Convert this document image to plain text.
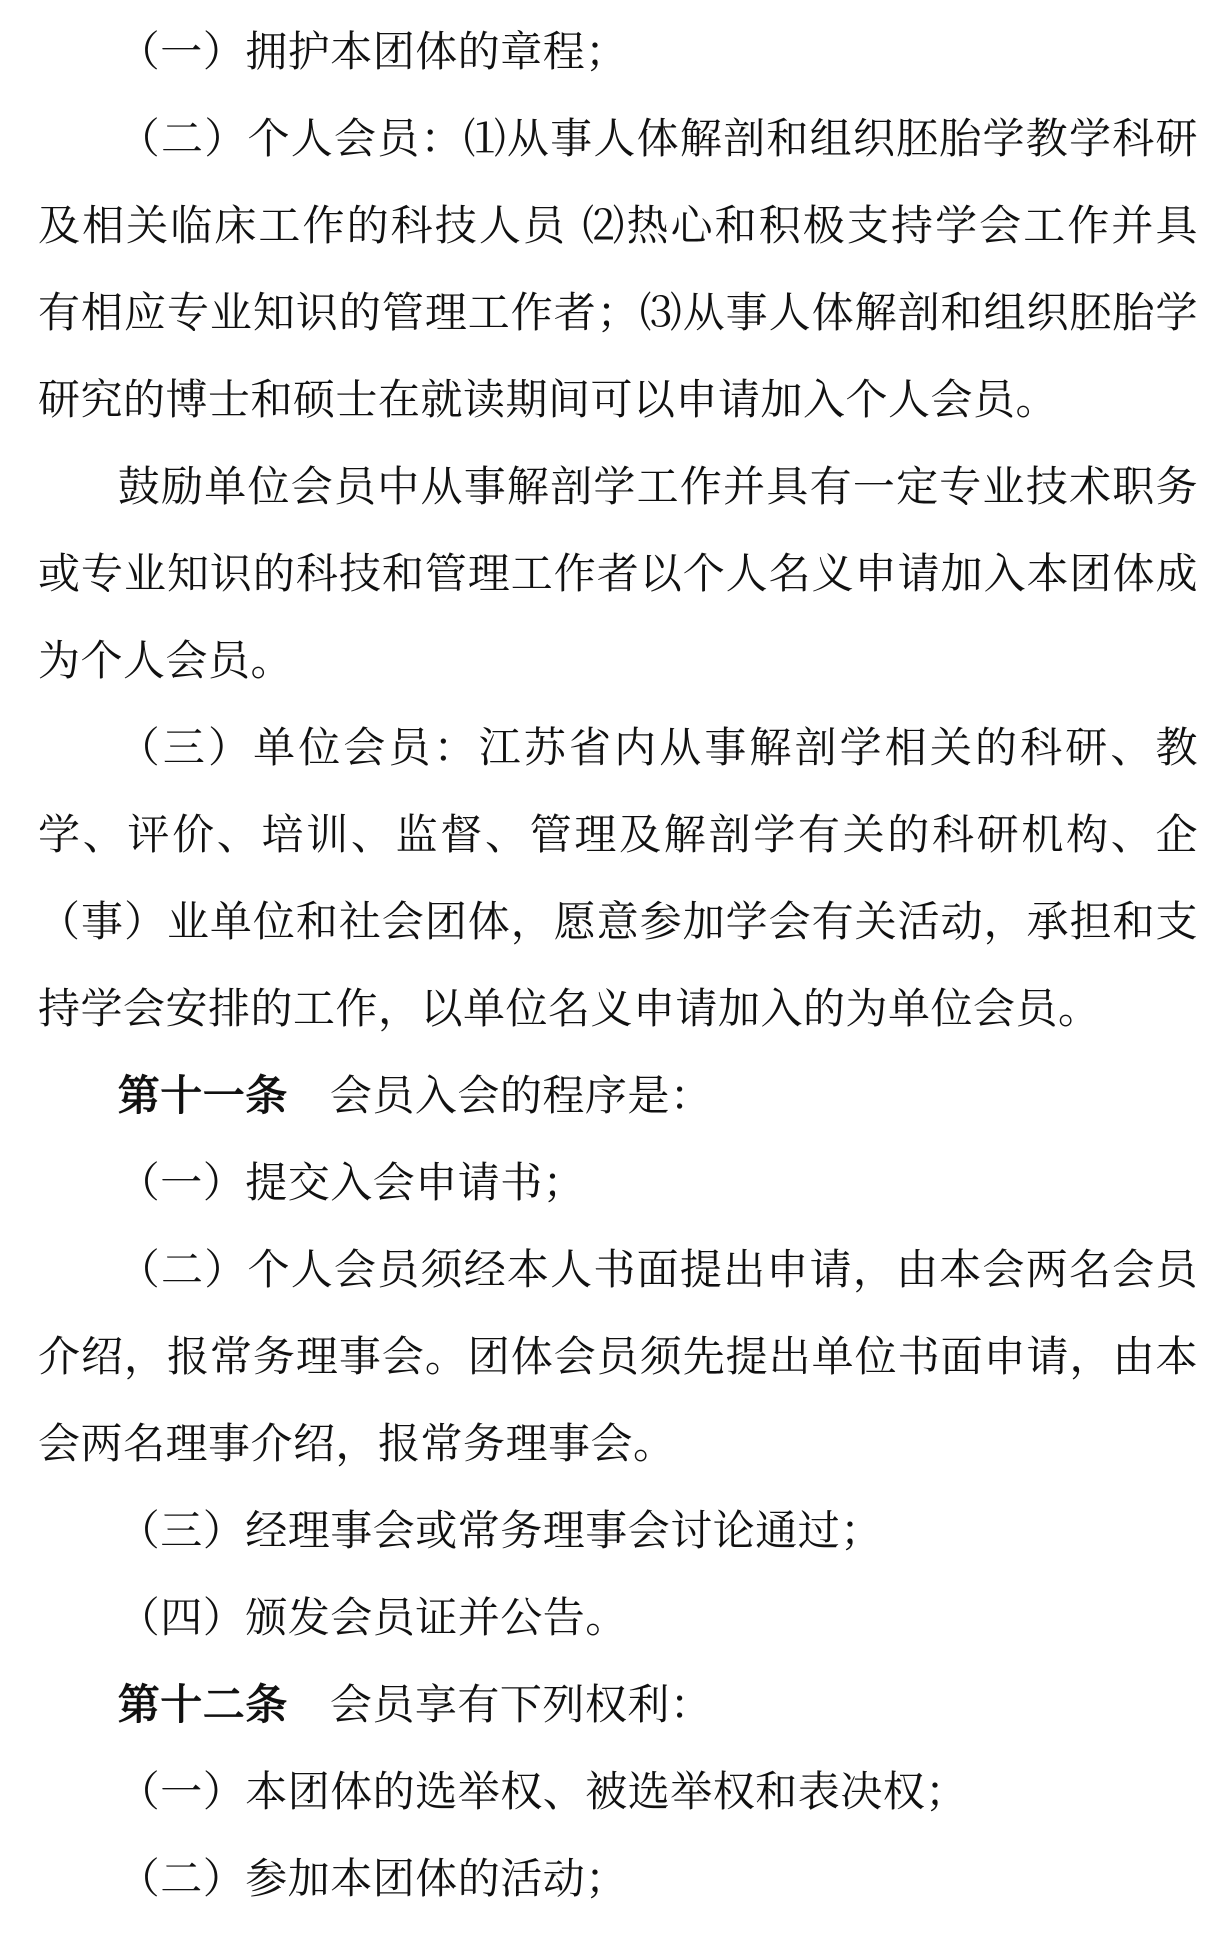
（一）拥护本团体的章程；

（二）个人会员：⑴从事人体解剖和组织胚胎学教学科研及相关临床工作的科技人员 ⑵热心和积极支持学会工作并具有相应专业知识的管理工作者；⑶从事人体解剖和组织胚胎学研究的博士和硕士在就读期间可以申请加入个人会员。

鼓励单位会员中从事解剖学工作并具有一定专业技术职务或专业知识的科技和管理工作者以个人名义申请加入本团体成为个人会员。

（三）单位会员：江苏省内从事解剖学相关的科研、教学、评价、培训、监督、管理及解剖学有关的科研机构、企（事）业单位和社会团体，愿意参加学会有关活动，承担和支持学会安排的工作，以单位名义申请加入的为单位会员。

第十一条 会员入会的程序是：

（一）提交入会申请书；

（二）个人会员须经本人书面提出申请，由本会两名会员介绍，报常务理事会。团体会员须先提出单位书面申请，由本会两名理事介绍，报常务理事会。

（三）经理事会或常务理事会讨论通过；

（四）颁发会员证并公告。

第十二条 会员享有下列权利：

（一）本团体的选举权、被选举权和表决权；

（二）参加本团体的活动；
